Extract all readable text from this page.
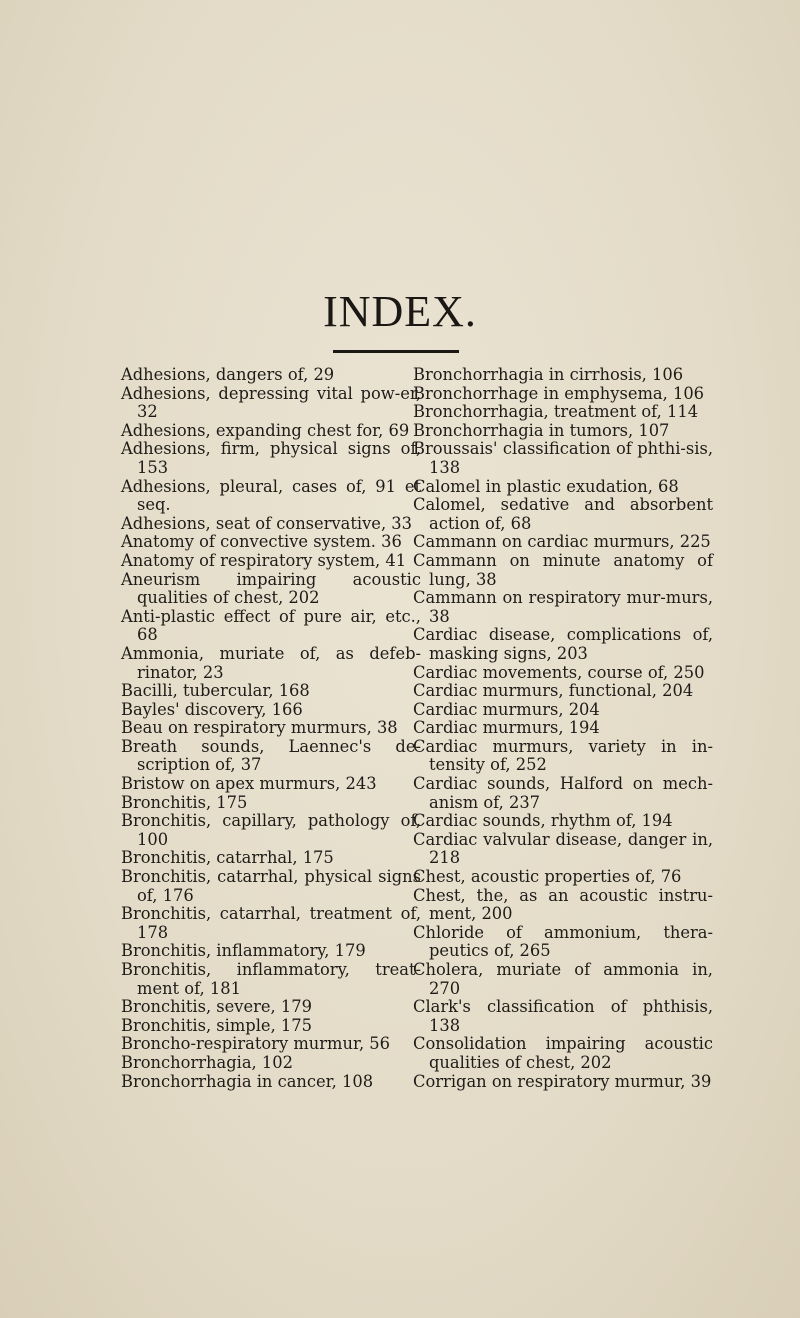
INDEX.

Adhesions, dangers of, 29

Adhesions, depressing vital pow-er, 32

Adhesions, expanding chest for, 69

Adhesions, firm, physical signs of, 153

Adhesions, pleural, cases of, 91 et seq.

Adhesions, seat of conservative, 33

Anatomy of convective system. 36

Anatomy of respiratory system, 41

Aneurism impairing acoustic qualities of chest, 202

Anti-plastic effect of pure air, etc., 68

Ammonia, muriate of, as defeb-rinator, 23

Bacilli, tubercular, 168

Bayles' discovery, 166

Beau on respiratory murmurs, 38

Breath sounds, Laennec's de-scription of, 37

Bristow on apex murmurs, 243

Bronchitis, 175

Bronchitis, capillary, pathology of, 100

Bronchitis, catarrhal, 175

Bronchitis, catarrhal, physical signs of, 176

Bronchitis, catarrhal, treatment of, 178

Bronchitis, inflammatory, 179

Bronchitis, inflammatory, treat-ment of, 181

Bronchitis, severe, 179

Bronchitis, simple, 175

Broncho-respiratory murmur, 56

Bronchorrhagia, 102

Bronchorrhagia in cancer, 108

Bronchorrhagia in cirrhosis, 106

Bronchorrhage in emphysema, 106

Bronchorrhagia, treatment of, 114

Bronchorrhagia in tumors, 107

Broussais' classification of phthi-sis, 138

Calomel in plastic exudation, 68

Calomel, sedative and absorbent action of, 68

Cammann on cardiac murmurs, 225

Cammann on minute anatomy of lung, 38

Cammann on respiratory mur-murs, 38

Cardiac disease, complications of, masking signs, 203

Cardiac movements, course of, 250

Cardiac murmurs, functional, 204

Cardiac murmurs, 204

Cardiac murmurs, 194

Cardiac murmurs, variety in in-tensity of, 252

Cardiac sounds, Halford on mech-anism of, 237

Cardiac sounds, rhythm of, 194

Cardiac valvular disease, danger in, 218

Chest, acoustic properties of, 76

Chest, the, as an acoustic instru-ment, 200

Chloride of ammonium, thera-peutics of, 265

Cholera, muriate of ammonia in, 270

Clark's classification of phthisis, 138

Consolidation impairing acoustic qualities of chest, 202

Corrigan on respiratory murmur, 39
